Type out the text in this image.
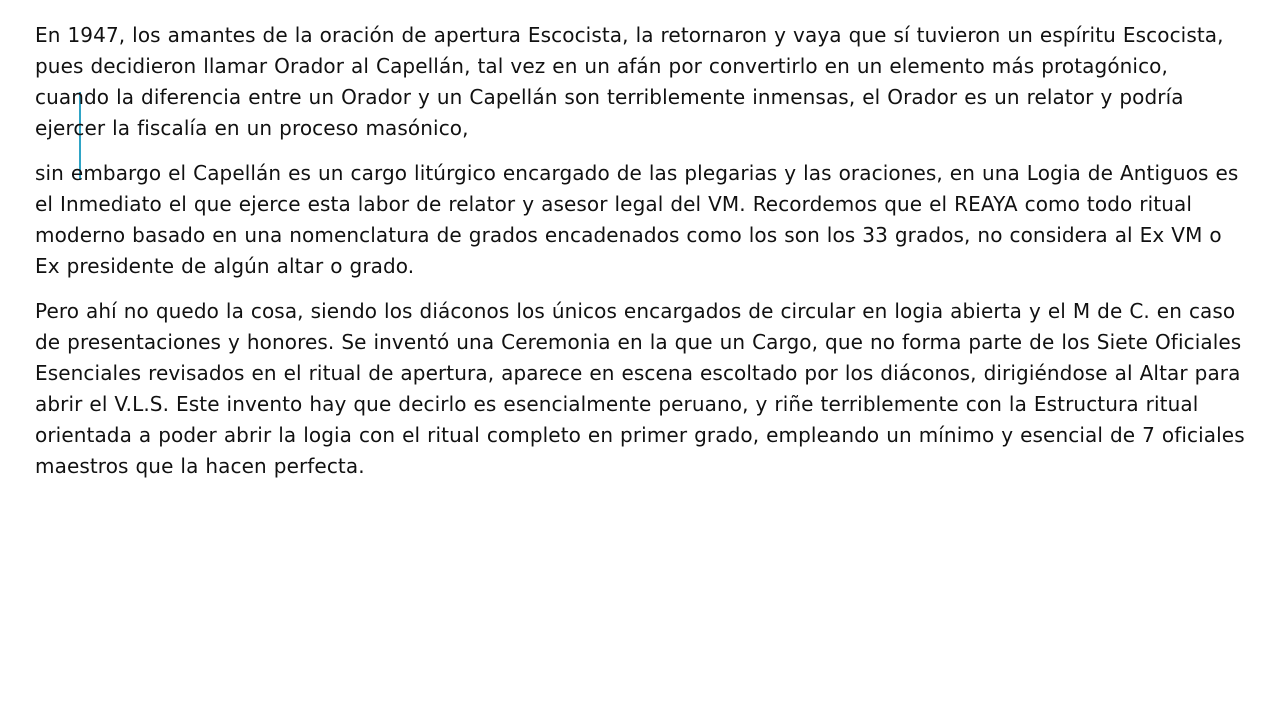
En 1947, los amantes de la oración de apertura Escocista, la retornaron y vaya que sí tuvieron un espíritu Escocista, pues decidieron llamar Orador al Capellán, tal vez en un afán por convertirlo en un elemento más protagónico, cuando la diferencia entre un Orador y un Capellán son terriblemente inmensas, el Orador es un relator y podría ejercer la fiscalía en un proceso masónico,

sin embargo el Capellán es un cargo litúrgico encargado de las plegarias y las oraciones, en una Logia de Antiguos es el Inmediato el que ejerce esta labor de relator y asesor legal del VM. Recordemos que el REAYA como todo ritual moderno basado en una nomenclatura de grados encadenados como los son los 33 grados, no considera al Ex VM o Ex presidente de algún altar o grado.

Pero ahí no quedo la cosa, siendo los diáconos los únicos encargados de circular en logia abierta y el M de C. en caso de presentaciones y honores. Se inventó una Ceremonia en la que un Cargo, que no forma parte de los Siete Oficiales Esenciales revisados en el ritual de apertura, aparece en escena escoltado por los diáconos, dirigiéndose al Altar para abrir el V.L.S. Este invento hay que decirlo es esencialmente peruano, y riñe terriblemente con la Estructura ritual orientada a poder abrir la logia con el ritual completo en primer grado, empleando un mínimo y esencial de 7 oficiales maestros que la hacen perfecta.
